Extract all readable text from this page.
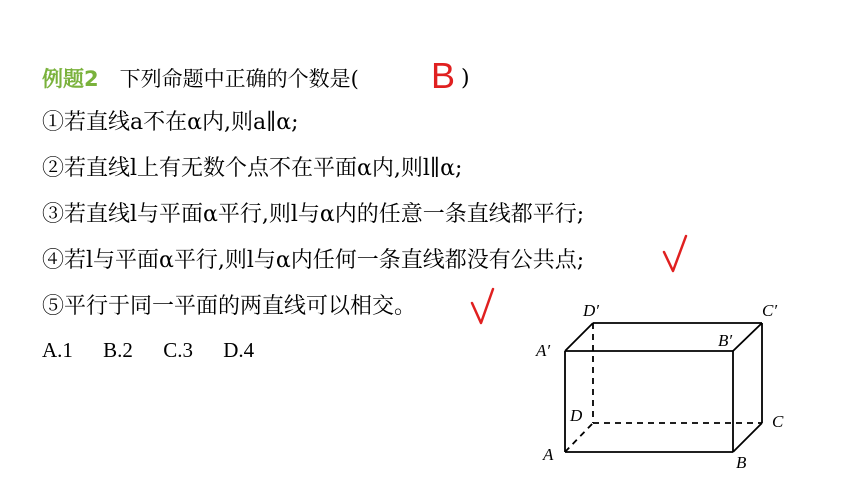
例题2 下列命题中正确的个数是( B )
①若直线a不在α内,则a∥α;
②若直线l上有无数个点不在平面α内,则l∥α;
③若直线l与平面α平行,则l与α内的任意一条直线都平行;
④若l与平面α平行,则l与α内任何一条直线都没有公共点;
⑤平行于同一平面的两直线可以相交。
A.1 B.2 C.3 D.4
D′	C′
A′
B′
D	C
A	B
